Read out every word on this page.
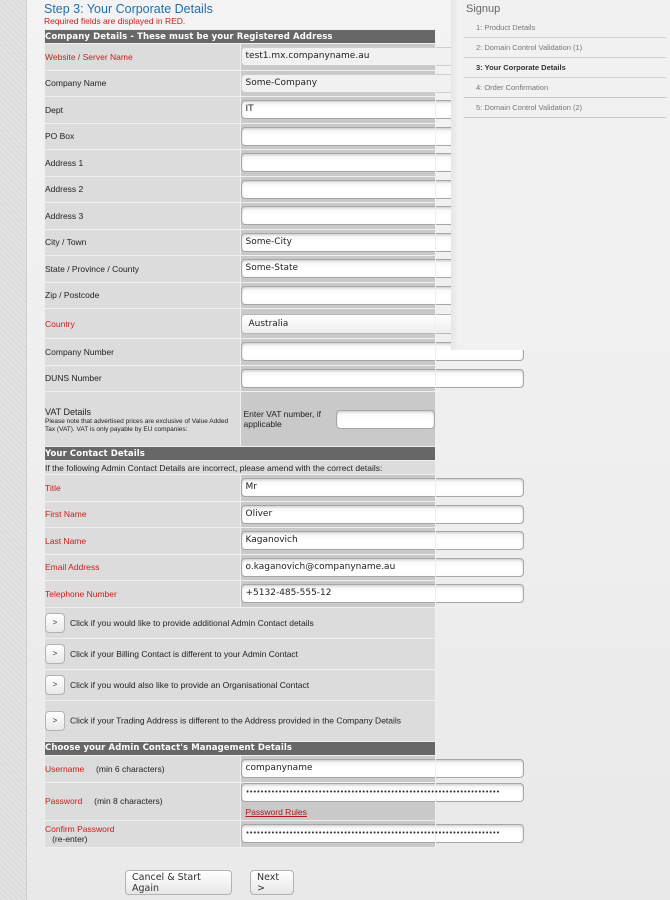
Step 3: Your Corporate Details
Required fields are displayed in RED.
Company Details - These must be your Registered Address	
Website / Server Name	test1.mx.companyname.au

Company Name	Some-Company

Dept	IT

PO Box	

Address 1	

Address 2	

Address 3	

City / Town	Some-City

State / Province / County	Some-State

Zip / Postcode	

Country	Australia

Company Number	

DUNS Number	

VAT Details
Please note that advertised prices are exclusive of Value Added Tax (VAT). VAT is only payable by EU companies:	Enter VAT number, if applicable

Your Contact Details	
If the following Admin Contact Details are incorrect, please amend with the correct details:	
Title	Mr

First Name	Oliver

Last Name	Kaganovich

Email Address	o.kaganovich@companyname.au

Telephone Number	+5132-485-555-12

> Click if you would like to provide additional Admin Contact details	

> Click if your Billing Contact is different to your Admin Contact	

> Click if you would also like to provide an Organisational Contact	

> Click if your Trading Address is different to the Address provided in the Company Details	
Choose your Admin Contact's Management Details	
Username (min 6 characters)	companyname

Password (min 8 characters)	••••••••••••••••••••••••••••••••••••••••••••••••••••••••••••••••••••••
Password Rules
Confirm Password
(re-enter)	••••••••••••••••••••••••••••••••••••••••••••••••••••••••••••••••••••••
Cancel & Start Again
Next >
Signup
1: Product Details
2: Domain Control Validation (1)
3: Your Corporate Details
4: Order Confirmation
5: Domain Control Validation (2)
